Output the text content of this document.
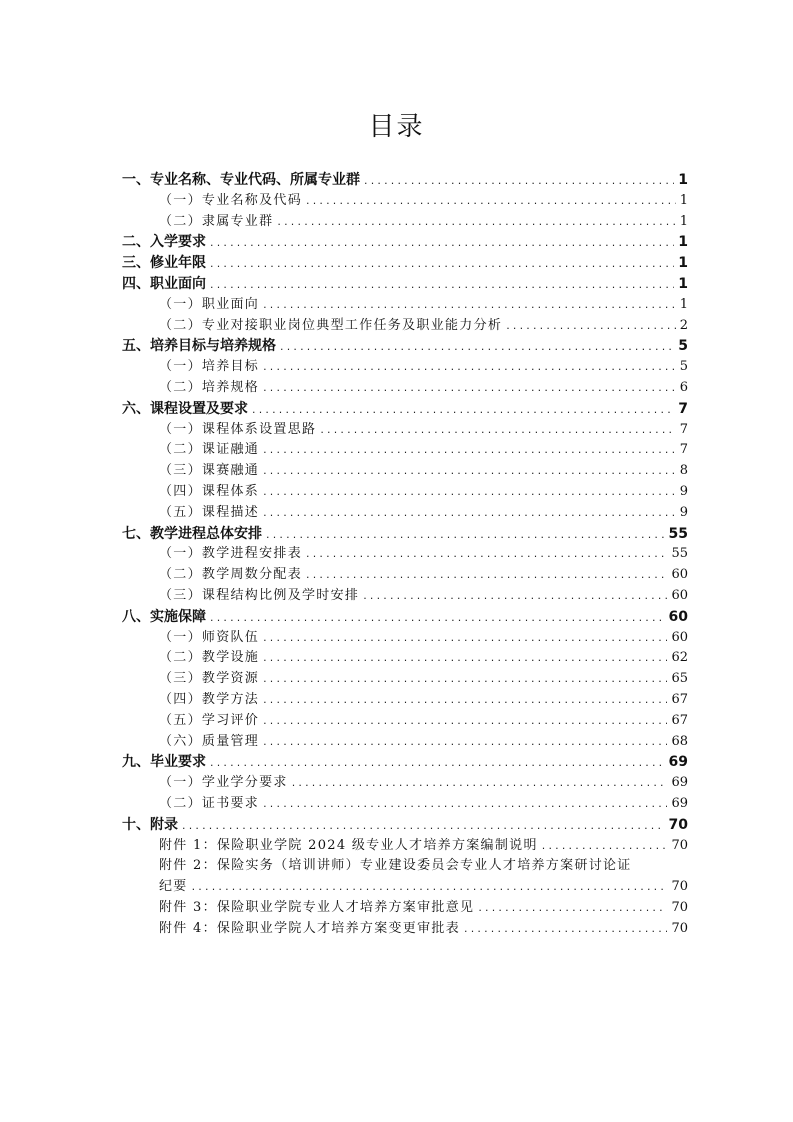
目录
一、专业名称、专业代码、所属专业群 .....	1
（一）专业名称及代码 .....	1
（二）隶属专业群 .....	1
二、入学要求 .....	1
三、修业年限 .....	1
四、职业面向 .....	1
（一）职业面向 .....	1
（二）专业对接职业岗位典型工作任务及职业能力分析 .....	2
五、培养目标与培养规格 .....	5
（一）培养目标 .....	5
（二）培养规格 .....	6
六、课程设置及要求 .....	7
（一）课程体系设置思路 .....	7
（二）课证融通 .....	7
（三）课赛融通 .....	8
（四）课程体系 .....	9
（五）课程描述 .....	9
七、教学进程总体安排 .....	55
（一）教学进程安排表 .....	55
（二）教学周数分配表 .....	60
（三）课程结构比例及学时安排 .....	60
八、实施保障 .....	60
（一）师资队伍 .....	60
（二）教学设施 .....	62
（三）教学资源 .....	65
（四）教学方法 .....	67
（五）学习评价 .....	67
（六）质量管理 .....	68
九、毕业要求 .....	69
（一）学业学分要求 .....	69
（二）证书要求 .....	69
十、附录 .....	70
附件 1：保险职业学院 2024 级专业人才培养方案编制说明 .....	70
附件 2：保险实务（培训讲师）专业建设委员会专业人才培养方案研讨论证
纪要 .....	70
附件 3：保险职业学院专业人才培养方案审批意见 .....	70
附件 4：保险职业学院人才培养方案变更审批表 .....	70
